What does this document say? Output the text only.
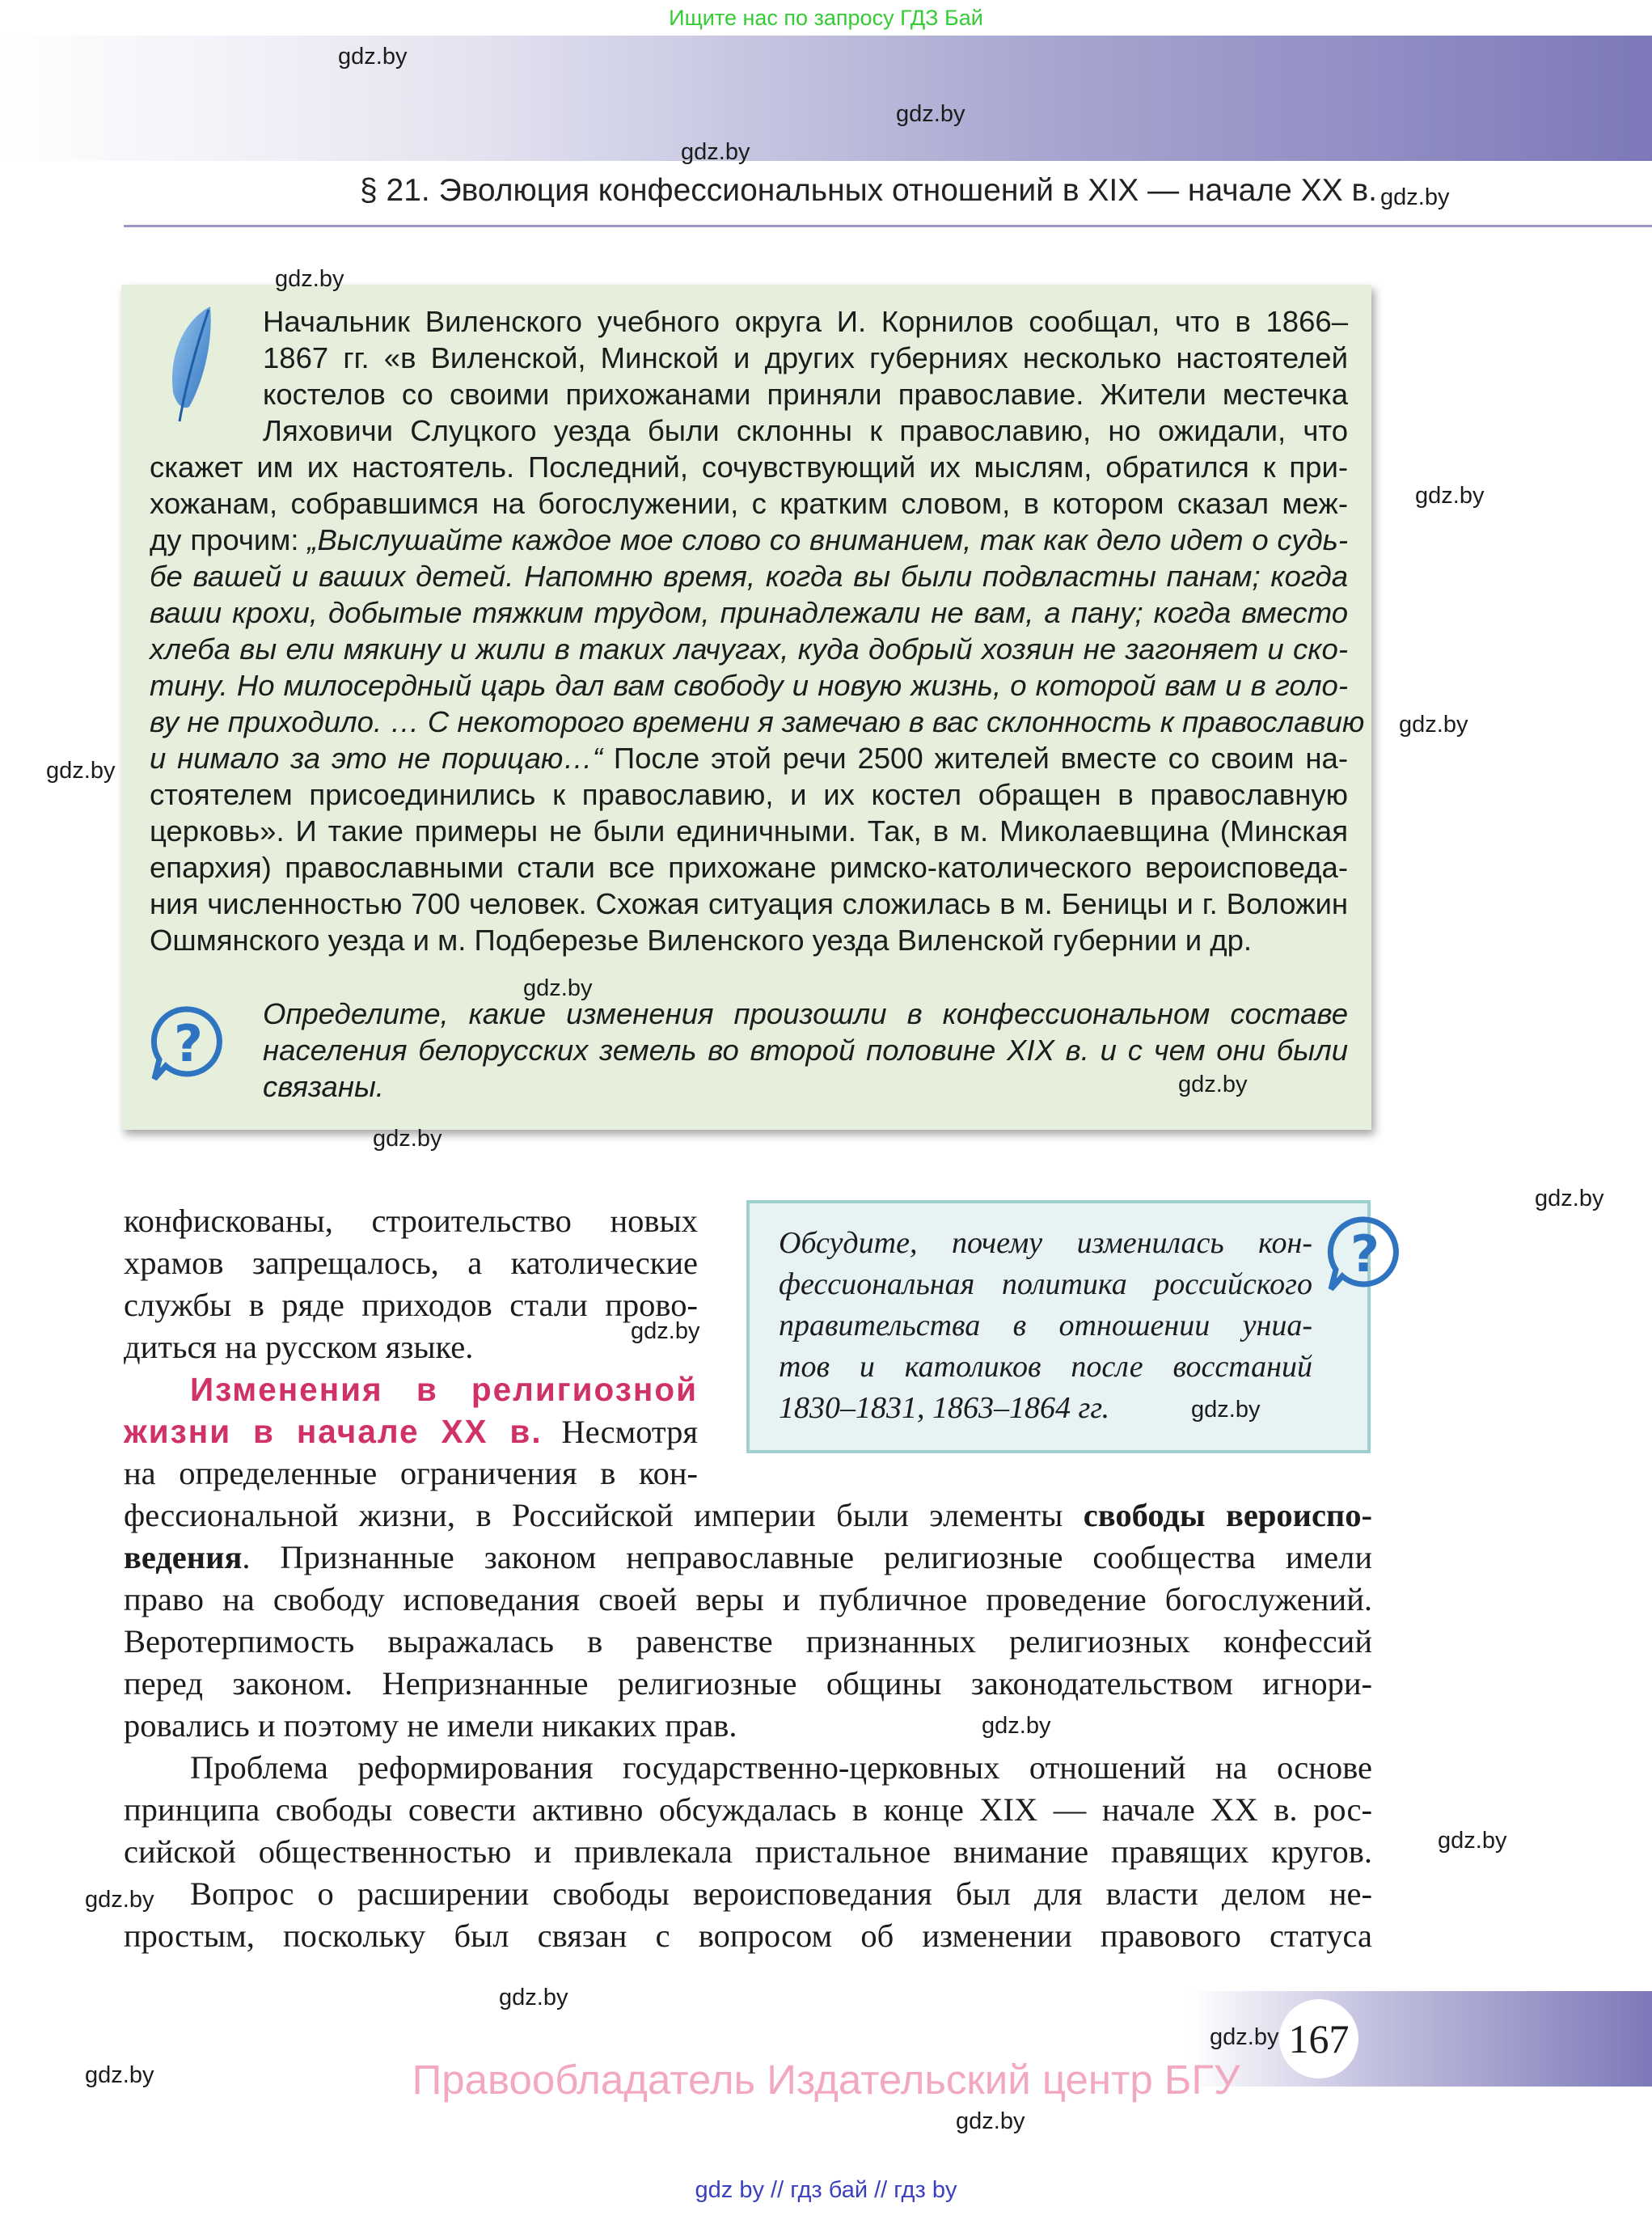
Ищите нас по запросу ГДЗ Бай
§ 21. Эволюция конфессиональных отношений в XIX — начале XX в.
Начальник Виленского учебного округа И. Корнилов сообщал, что в 1866–
1867 гг. «в Виленской, Минской и других губерниях несколько настоятелей
костелов со своими прихожанами приняли православие. Жители местечка
Ляховичи Слуцкого уезда были склонны к православию, но ожидали, что
скажет им их настоятель. Последний, сочувствующий их мыслям, обратился к при-
хожанам, собравшимся на богослужении, с кратким словом, в котором сказал меж-
ду прочим: „Выслушайте каждое мое слово со вниманием, так как дело идет о судь-
бе вашей и ваших детей. Напомню время, когда вы были подвластны панам; когда
ваши крохи, добытые тяжким трудом, принадлежали не вам, а пану; когда вместо
хлеба вы ели мякину и жили в таких лачугах, куда добрый хозяин не загоняет и ско-
тину. Но милосердный царь дал вам свободу и новую жизнь, о которой вам и в голо-
ву не приходило. … С некоторого времени я замечаю в вас склонность к православию
и нимало за это не порицаю…“ После этой речи 2500 жителей вместе со своим на-
стоятелем присоединились к православию, и их костел обращен в православную
церковь». И такие примеры не были единичными. Так, в м. Миколаевщина (Минская
епархия) православными стали все прихожане римско-католического вероисповеда-
ния численностью 700 человек. Схожая ситуация сложилась в м. Беницы и г. Воложин
Ошмянского уезда и м. Подберезье Виленского уезда Виленской губернии и др.
?
Определите, какие изменения произошли в конфессиональном составе
населения белорусских земель во второй половине XIX в. и с чем они были
связаны.
Обсудите, почему изменилась кон-
фессиональная политика российского
правительства в отношении униа-
тов и католиков после восстаний
1830–1831, 1863–1864 гг.
?
конфискованы, строительство новых
храмов запрещалось, а католические
службы в ряде приходов стали прово-
диться на русском языке.
Изменения в религиозной
жизни в начале XX в. Несмотря
на определенные ограничения в кон-
фессиональной жизни, в Российской империи были элементы свободы вероиспо-
ведения. Признанные законом неправославные религиозные сообщества имели
право на свободу исповедания своей веры и публичное проведение богослужений.
Веротерпимость выражалась в равенстве признанных религиозных конфессий
перед законом. Непризнанные религиозные общины законодательством игнори-
ровались и поэтому не имели никаких прав.
Проблема реформирования государственно-церковных отношений на основе
принципа свободы совести активно обсуждалась в конце XIX — начале XX в. рос-
сийской общественностью и привлекала пристальное внимание правящих кругов.
Вопрос о расширении свободы вероисповедания был для власти делом не-
простым, поскольку был связан с вопросом об изменении правового статуса
167
Правообладатель Издательский центр БГУ
gdz by // гдз бай // гдз by
gdz.by
gdz.by
gdz.by
gdz.by
gdz.by
gdz.by
gdz.by
gdz.by
gdz.by
gdz.by
gdz.by
gdz.by
gdz.by
gdz.by
gdz.by
gdz.by
gdz.by
gdz.by
gdz.by
gdz.by
gdz.by
